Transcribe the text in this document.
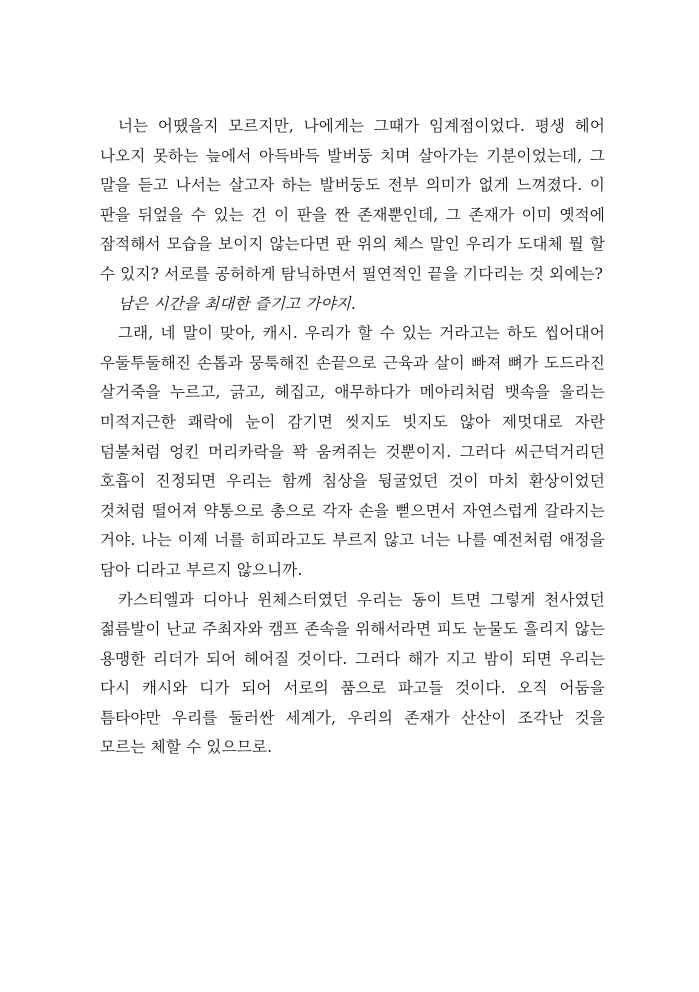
너는 어땠을지 모르지만, 나에게는 그때가 임계점이었다. 평생 헤어 나오지 못하는 늪에서 아득바득 발버둥 치며 살아가는 기분이었는데, 그 말을 듣고 나서는 살고자 하는 발버둥도 전부 의미가 없게 느껴졌다. 이 판을 뒤엎을 수 있는 건 이 판을 짠 존재뿐인데, 그 존재가 이미 옛적에 잠적해서 모습을 보이지 않는다면 판 위의 체스 말인 우리가 도대체 뭘 할 수 있지? 서로를 공허하게 탐닉하면서 필연적인 끝을 기다리는 것 외에는?

남은 시간을 최대한 즐기고 가야지.

그래, 네 말이 맞아, 캐시. 우리가 할 수 있는 거라고는 하도 씹어대어 우둘투둘해진 손톱과 뭉툭해진 손끝으로 근육과 살이 빠져 뼈가 도드라진 살거죽을 누르고, 긁고, 헤집고, 애무하다가 메아리처럼 뱃속을 울리는 미적지근한 쾌락에 눈이 감기면 씻지도 빗지도 않아 제멋대로 자란 덤불처럼 엉킨 머리카락을 꽉 움켜쥐는 것뿐이지. 그러다 씨근덕거리던 호흡이 진정되면 우리는 함께 침상을 뒹굴었던 것이 마치 환상이었던 것처럼 떨어져 약통으로 총으로 각자 손을 뻗으면서 자연스럽게 갈라지는 거야. 나는 이제 너를 히피라고도 부르지 않고 너는 나를 예전처럼 애정을 담아 디라고 부르지 않으니까.

카스티엘과 디아나 윈체스터였던 우리는 동이 트면 그렇게 천사였던 젊름발이 난교 주최자와 캠프 존속을 위해서라면 피도 눈물도 흘리지 않는 용맹한 리더가 되어 헤어질 것이다. 그러다 해가 지고 밤이 되면 우리는 다시 캐시와 디가 되어 서로의 품으로 파고들 것이다. 오직 어둠을 틈타야만 우리를 둘러싼 세계가, 우리의 존재가 산산이 조각난 것을 모르는 체할 수 있으므로.
